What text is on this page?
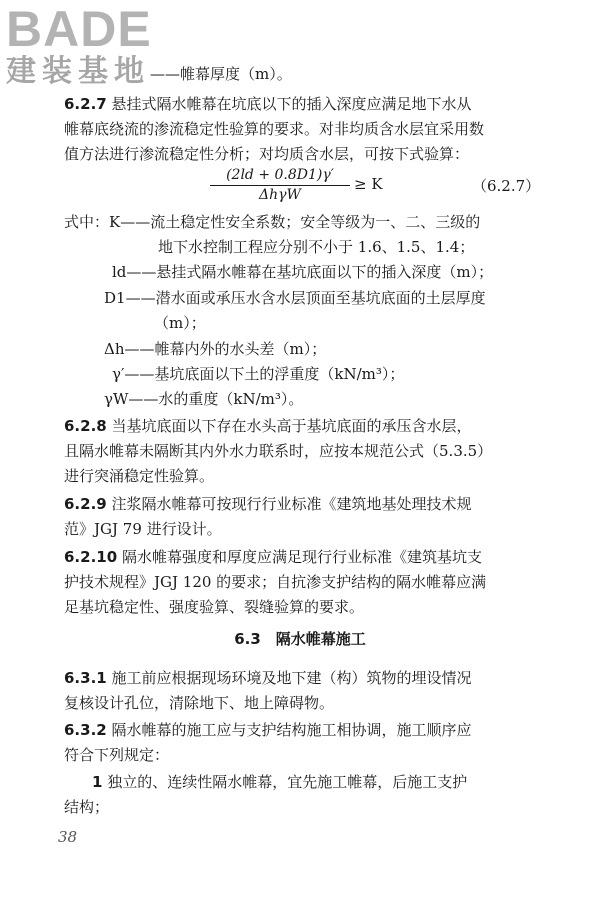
BADE
建装基地 ——帷幕厚度（m）。
6.2.7 悬挂式隔水帷幕在坑底以下的插入深度应满足地下水从
帷幕底绕流的渗流稳定性验算的要求。对非均质含水层宜采用数
值方法进行渗流稳定性分析；对均质含水层，可按下式验算：
(2ld + 0.8D1)γ′
ΔhγW
≥ K	（6.2.7）
式中：K——流土稳定性安全系数；安全等级为一、二、三级的
地下水控制工程应分别不小于 1.6、1.5、1.4；
ld——悬挂式隔水帷幕在基坑底面以下的插入深度（m）；
D1——潜水面或承压水含水层顶面至基坑底面的土层厚度
（m）；
Δh——帷幕内外的水头差（m）；
γ′——基坑底面以下土的浮重度（kN/m³）；
γW——水的重度（kN/m³）。
6.2.8 当基坑底面以下存在水头高于基坑底面的承压含水层，
且隔水帷幕未隔断其内外水力联系时，应按本规范公式（5.3.5）
进行突涌稳定性验算。
6.2.9 注浆隔水帷幕可按现行行业标准《建筑地基处理技术规
范》JGJ 79 进行设计。
6.2.10 隔水帷幕强度和厚度应满足现行行业标准《建筑基坑支
护技术规程》JGJ 120 的要求；自抗渗支护结构的隔水帷幕应满
足基坑稳定性、强度验算、裂缝验算的要求。
6.3　隔水帷幕施工
6.3.1 施工前应根据现场环境及地下建（构）筑物的埋设情况
复核设计孔位，清除地下、地上障碍物。
6.3.2 隔水帷幕的施工应与支护结构施工相协调，施工顺序应
符合下列规定：
1 独立的、连续性隔水帷幕，宜先施工帷幕，后施工支护
结构；
38
